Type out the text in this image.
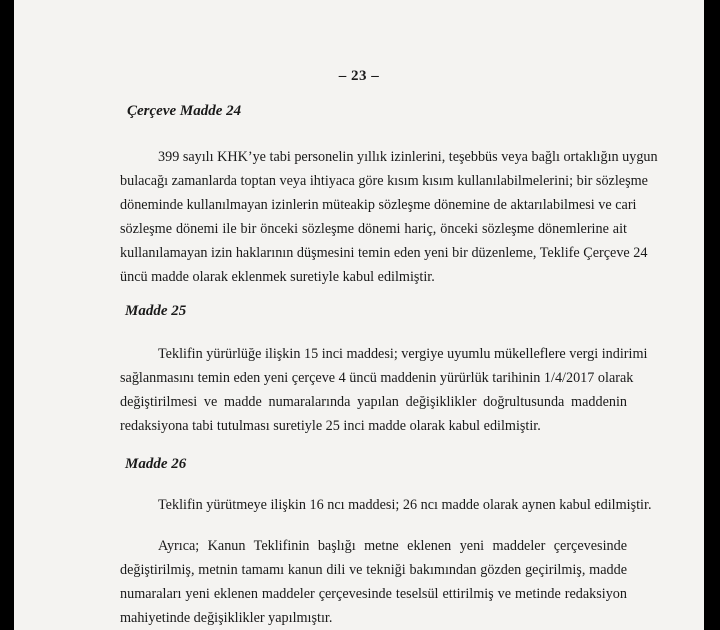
– 23 –
Çerçeve Madde 24
399 sayılı KHK’ye tabi personelin yıllık izinlerini, teşebbüs veya bağlı ortaklığın uygun
bulacağı zamanlarda toptan veya ihtiyaca göre kısım kısım kullanılabilmelerini; bir sözleşme
döneminde kullanılmayan izinlerin müteakip sözleşme dönemine de aktarılabilmesi ve cari
sözleşme dönemi ile bir önceki sözleşme dönemi hariç, önceki sözleşme dönemlerine ait
kullanılamayan izin haklarının düşmesini temin eden yeni bir düzenleme, Teklife Çerçeve 24
üncü madde olarak eklenmek suretiyle kabul edilmiştir.
Madde 25
Teklifin yürürlüğe ilişkin 15 inci maddesi; vergiye uyumlu mükelleflere vergi indirimi
sağlanmasını temin eden yeni çerçeve 4 üncü maddenin yürürlük tarihinin 1/4/2017 olarak
değiştirilmesi ve madde numaralarında yapılan değişiklikler doğrultusunda maddenin
redaksiyona tabi tutulması suretiyle 25 inci madde olarak kabul edilmiştir.
Madde 26
Teklifin yürütmeye ilişkin 16 ncı maddesi; 26 ncı madde olarak aynen kabul edilmiştir.
Ayrıca; Kanun Teklifinin başlığı metne eklenen yeni maddeler çerçevesinde
değiştirilmiş, metnin tamamı kanun dili ve tekniği bakımından gözden geçirilmiş, madde
numaraları yeni eklenen maddeler çerçevesinde teselsül ettirilmiş ve metinde redaksiyon
mahiyetinde değişiklikler yapılmıştır.
